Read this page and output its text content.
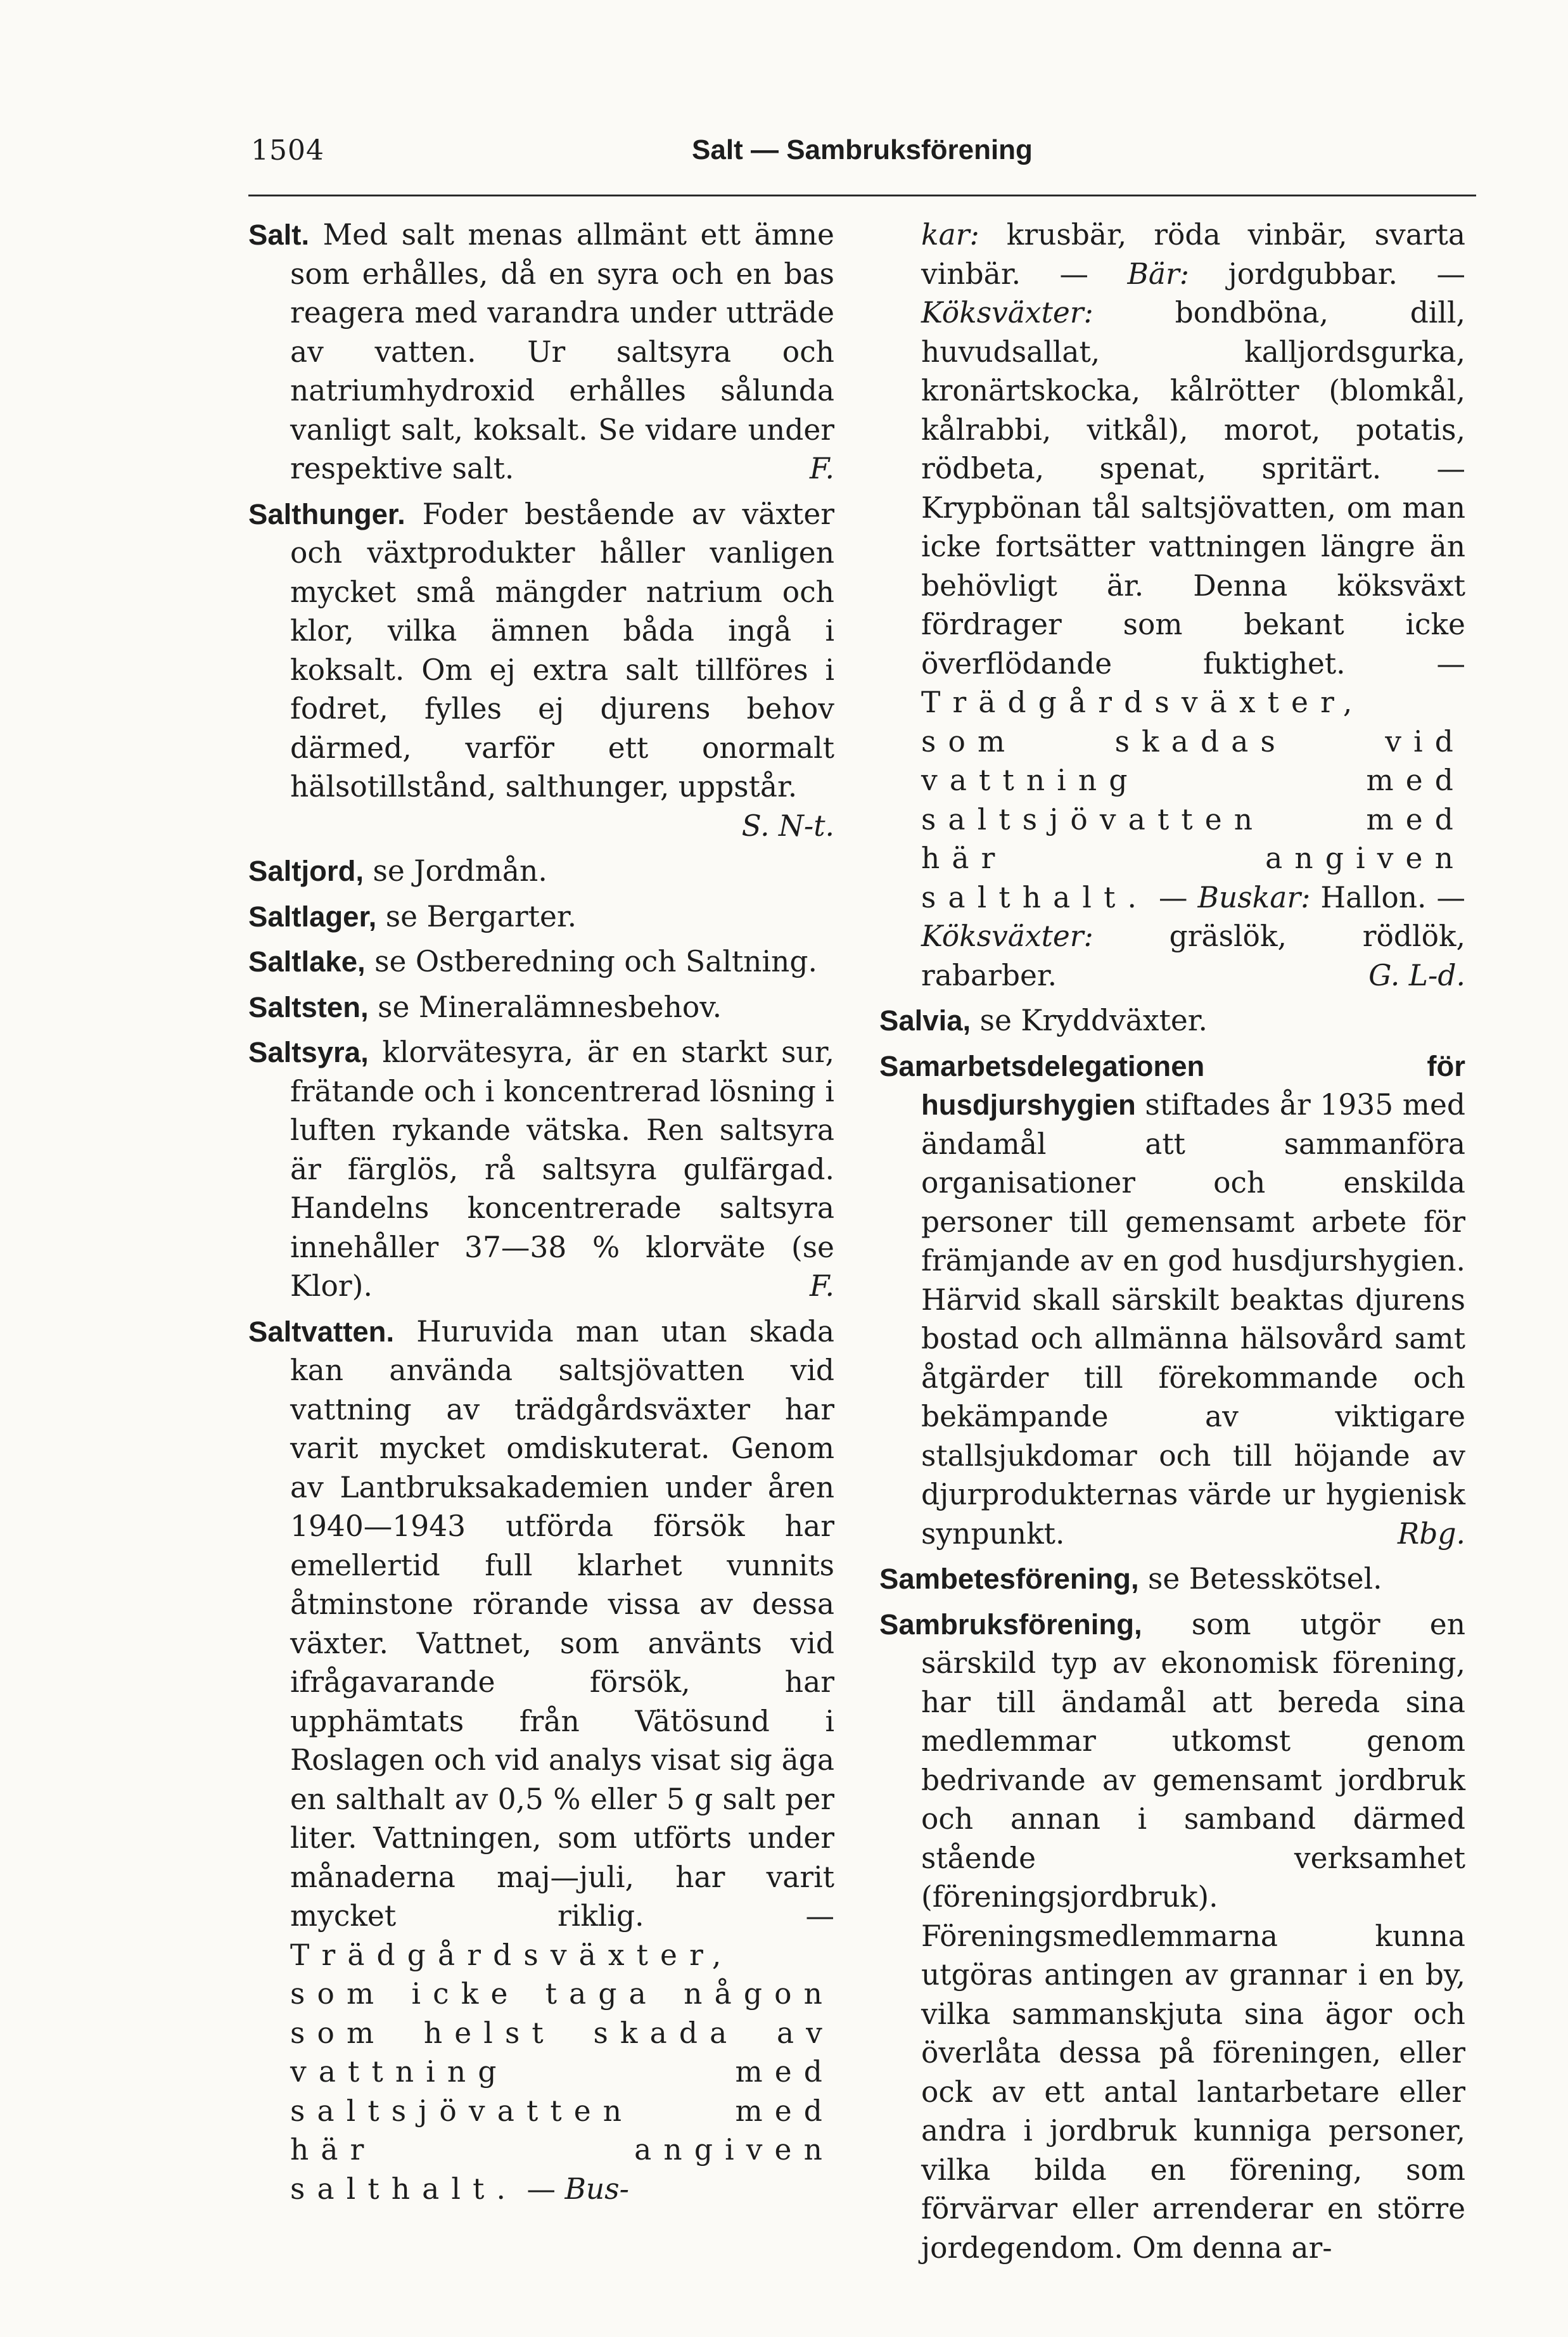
1504	Salt — Sambruksförening

Salt. Med salt menas allmänt ett ämne som erhålles, då en syra och en bas reagera med varandra under utträde av vatten. Ur saltsyra och natriumhydroxid erhålles sålunda vanligt salt, koksalt. Se vidare under respektive salt.	F.

Salthunger. Foder bestående av växter och växtprodukter håller vanligen mycket små mängder natrium och klor, vilka ämnen båda ingå i koksalt. Om ej extra salt tillföres i fodret, fylles ej djurens behov därmed, varför ett onormalt hälsotillstånd, salthunger, uppstår.

S. N-t.

Saltjord, se Jordmån.

Saltlager, se Bergarter.

Saltlake, se Ostberedning och Saltning.

Saltsten, se Mineralämnesbehov.

Saltsyra, klorvätesyra, är en starkt sur, frätande och i koncentrerad lösning i luften rykande vätska. Ren saltsyra är färglös, rå saltsyra gulfärgad. Handelns koncentrerade saltsyra innehåller 37—38 % klorväte (se Klor).	F.

Saltvatten. Huruvida man utan skada kan använda saltsjövatten vid vattning av trädgårdsväxter har varit mycket omdiskuterat. Genom av Lantbruksakademien under åren 1940—1943 utförda försök har emellertid full klarhet vunnits åtminstone rörande vissa av dessa växter. Vattnet, som använts vid ifrågavarande försök, har upphämtats från Vätösund i Roslagen och vid analys visat sig äga en salthalt av 0,5 % eller 5 g salt per liter. Vattningen, som utförts under månaderna maj—juli, har varit mycket riklig. — Trädgårdsväxter, som icke taga någon som helst skada av vattning med saltsjövatten med här angiven salthalt. — Bus-

kar: krusbär, röda vinbär, svarta vinbär. — Bär: jordgubbar. — Köksväxter: bondböna, dill, huvudsallat, kalljordsgurka, kronärtskocka, kålrötter (blomkål, kålrabbi, vitkål), morot, potatis, rödbeta, spenat, spritärt. — Krypbönan tål saltsjövatten, om man icke fortsätter vattningen längre än behövligt är. Denna köksväxt fördrager som bekant icke överflödande fuktighet. — Trädgårdsväxter, som skadas vid vattning med saltsjövatten med här angiven salthalt. — Buskar: Hallon. — Köksväxter: gräslök, rödlök, rabarber.	G. L-d.

Salvia, se Kryddväxter.

Samarbetsdelegationen för husdjurshygien stiftades år 1935 med ändamål att sammanföra organisationer och enskilda personer till gemensamt arbete för främjande av en god husdjurshygien. Härvid skall särskilt beaktas djurens bostad och allmänna hälsovård samt åtgärder till förekommande och bekämpande av viktigare stallsjukdomar och till höjande av djurprodukternas värde ur hygienisk synpunkt.	Rbg.

Sambetesförening, se Betesskötsel.

Sambruksförening, som utgör en särskild typ av ekonomisk förening, har till ändamål att bereda sina medlemmar utkomst genom bedrivande av gemensamt jordbruk och annan i samband därmed stående verksamhet (föreningsjordbruk). Föreningsmedlemmarna kunna utgöras antingen av grannar i en by, vilka sammanskjuta sina ägor och överlåta dessa på föreningen, eller ock av ett antal lantarbetare eller andra i jordbruk kunniga personer, vilka bilda en förening, som förvärvar eller arrenderar en större jordegendom. Om denna ar-
